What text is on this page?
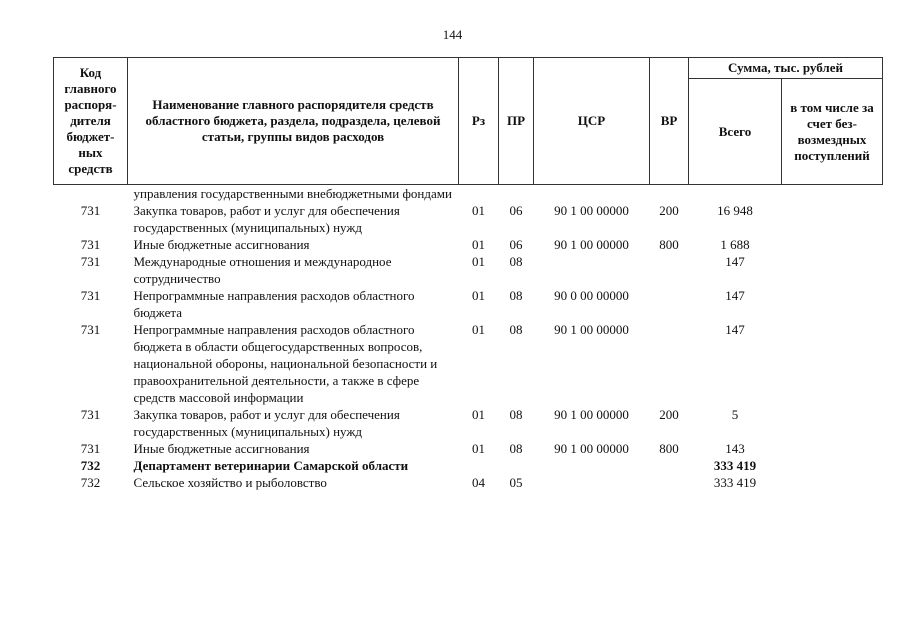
144
Код главного распоря-дителя бюджет-ных средств	Наименование главного распорядителя средств областного бюджета, раздела, подраздела, целевой статьи, группы видов расходов	Рз	ПР	ЦСР	ВР	Сумма, тыс. рублей	
						Всего	в том числе за счет без-возмездных поступлений
	управления государственными внебюджетными фондами						
731	Закупка товаров, работ и услуг для обеспечения государственных (муниципальных) нужд	01	06	90 1 00 00000	200	16 948	
731	Иные бюджетные ассигнования	01	06	90 1 00 00000	800	1 688	
731	Международные отношения и международное сотрудничество	01	08			147	
731	Непрограммные направления расходов областного бюджета	01	08	90 0 00 00000		147	
731	Непрограммные направления расходов областного бюджета в области общегосударственных вопросов, национальной обороны, национальной безопасности и правоохранительной деятельности, а также в сфере средств массовой информации	01	08	90 1 00 00000		147	
731	Закупка товаров, работ и услуг для обеспечения государственных (муниципальных) нужд	01	08	90 1 00 00000	200	5	
731	Иные бюджетные ассигнования	01	08	90 1 00 00000	800	143	
732	Департамент ветеринарии Самарской области					333 419	
732	Сельское хозяйство и рыболовство	04	05			333 419	
